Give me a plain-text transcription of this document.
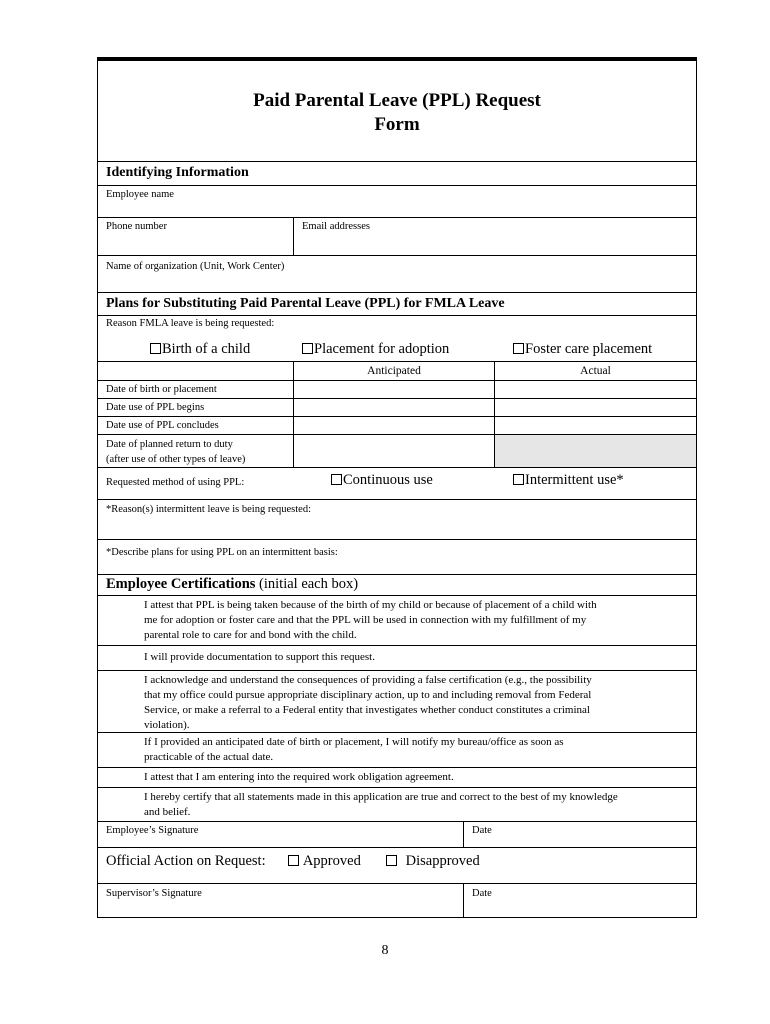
Paid Parental Leave (PPL) Request
Form
Identifying Information
Employee name
Phone number	Email addresses
Name of organization (Unit, Work Center)
Plans for Substituting Paid Parental Leave (PPL) for FMLA Leave
Reason FMLA leave is being requested:
Birth of a child	Placement for adoption	Foster care placement
Anticipated	Actual
Date of birth or placement
Date use of PPL begins
Date use of PPL concludes
Date of planned return to duty
(after use of other types of leave)
Requested method of using PPL:	Continuous use	Intermittent use*
*Reason(s) intermittent leave is being requested:
*Describe plans for using PPL on an intermittent basis:
Employee Certifications (initial each box)
I attest that PPL is being taken because of the birth of my child or because of placement of a child with
me for adoption or foster care and that the PPL will be used in connection with my fulfillment of my
parental role to care for and bond with the child.
I will provide documentation to support this request.
I acknowledge and understand the consequences of providing a false certification (e.g., the possibility
that my office could pursue appropriate disciplinary action, up to and including removal from Federal
Service, or make a referral to a Federal entity that investigates whether conduct constitutes a criminal
violation).
If I provided an anticipated date of birth or placement, I will notify my bureau/office as soon as
practicable of the actual date.
I attest that I am entering into the required work obligation agreement.
I hereby certify that all statements made in this application are true and correct to the best of my knowledge
and belief.
Employee’s Signature	Date
Official Action on Request:	Approved	Disapproved
Supervisor’s Signature	Date
8
